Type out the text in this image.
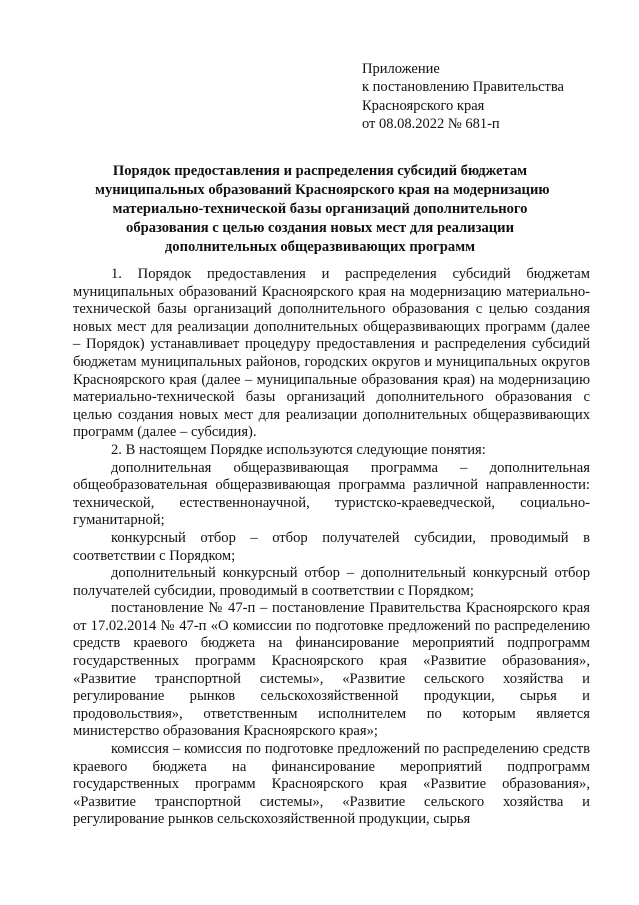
Приложение
к постановлению Правительства
Красноярского края
от 08.08.2022 № 681-п
Порядок предоставления и распределения субсидий бюджетам
муниципальных образований Красноярского края на модернизацию
материально-технической базы организаций дополнительного
образования с целью создания новых мест для реализации
дополнительных общеразвивающих программ

1. Порядок предоставления и распределения субсидий бюджетам муниципальных образований Красноярского края на модернизацию материально-технической базы организаций дополнительного образования с целью создания новых мест для реализации дополнительных общеразвивающих программ (далее – Порядок) устанавливает процедуру предоставления и распределения субсидий бюджетам муниципальных районов, городских округов и муниципальных округов Красноярского края (далее – муниципальные образования края) на модернизацию материально-технической базы организаций дополнительного образования с целью создания новых мест для реализации дополнительных общеразвивающих программ (далее – субсидия).

2. В настоящем Порядке используются следующие понятия:

дополнительная общеразвивающая программа – дополнительная общеобразовательная общеразвивающая программа различной направленности: технической, естественнонаучной, туристско-краеведческой, социально-гуманитарной;

конкурсный отбор – отбор получателей субсидии, проводимый в соответствии с Порядком;

дополнительный конкурсный отбор – дополнительный конкурсный отбор получателей субсидии, проводимый в соответствии с Порядком;

постановление № 47-п – постановление Правительства Красноярского края от 17.02.2014 № 47-п «О комиссии по подготовке предложений по распределению средств краевого бюджета на финансирование мероприятий подпрограмм государственных программ Красноярского края «Развитие образования», «Развитие транспортной системы», «Развитие сельского хозяйства и регулирование рынков сельскохозяйственной продукции, сырья и продовольствия», ответственным исполнителем по которым является министерство образования Красноярского края»;

комиссия – комиссия по подготовке предложений по распределению средств краевого бюджета на финансирование мероприятий подпрограмм государственных программ Красноярского края «Развитие образования», «Развитие транспортной системы», «Развитие сельского хозяйства и регулирование рынков сельскохозяйственной продукции, сырья
